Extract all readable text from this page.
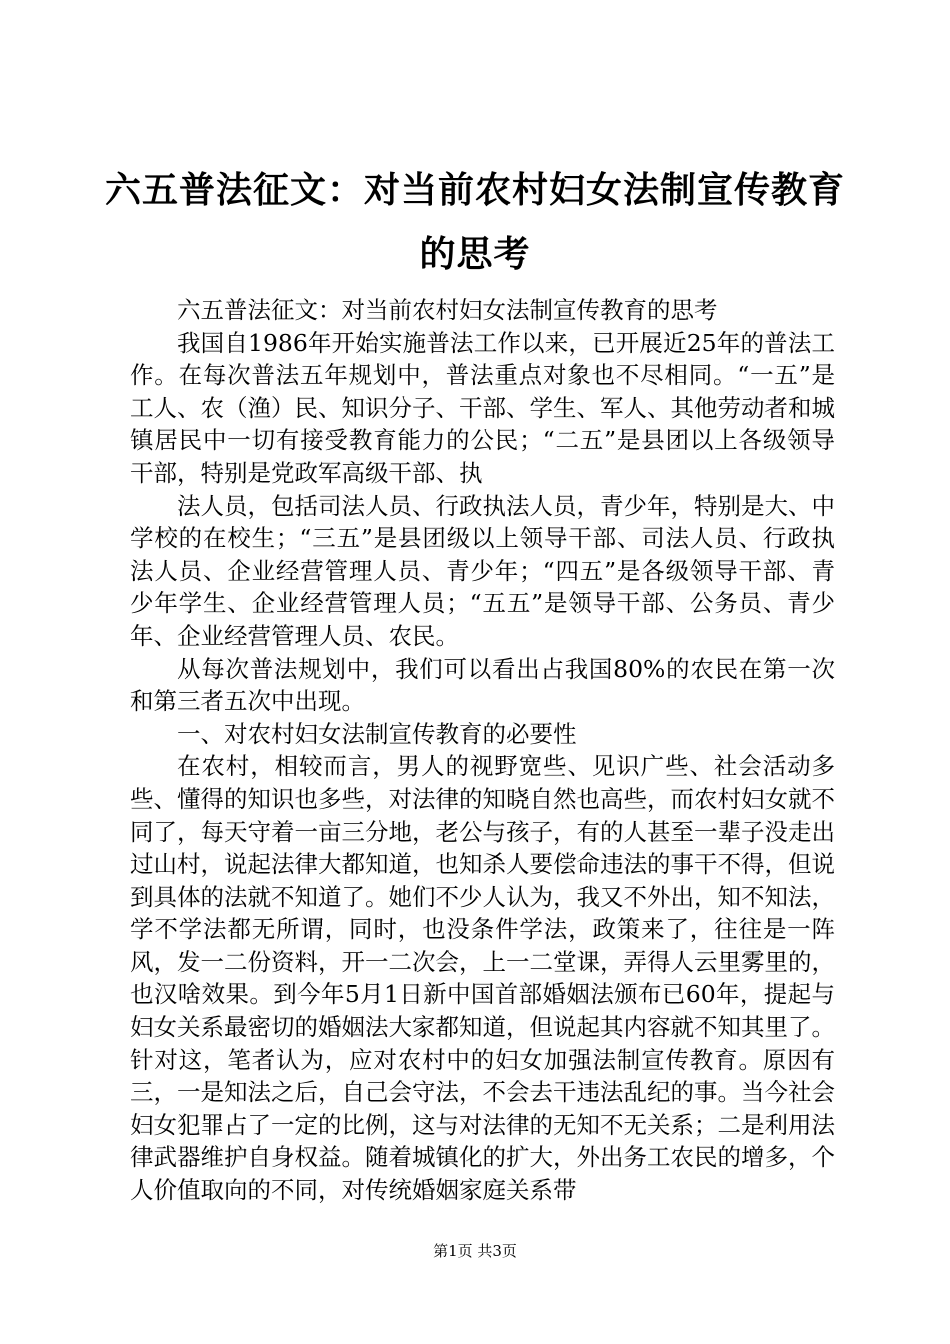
六五普法征文：对当前农村妇女法制宣传教育的思考

六五普法征文：对当前农村妇女法制宣传教育的思考

我国自1986年开始实施普法工作以来，已开展近25年的普法工作。在每次普法五年规划中，普法重点对象也不尽相同。“一五”是工人、农（渔）民、知识分子、干部、学生、军人、其他劳动者和城镇居民中一切有接受教育能力的公民；“二五”是县团以上各级领导干部，特别是党政军高级干部、执

法人员，包括司法人员、行政执法人员，青少年，特别是大、中学校的在校生；“三五”是县团级以上领导干部、司法人员、行政执法人员、企业经营管理人员、青少年；“四五”是各级领导干部、青少年学生、企业经营管理人员；“五五”是领导干部、公务员、青少年、企业经营管理人员、农民。

从每次普法规划中，我们可以看出占我国80%的农民在第一次和第三者五次中出现。

一、对农村妇女法制宣传教育的必要性

在农村，相较而言，男人的视野宽些、见识广些、社会活动多些、懂得的知识也多些，对法律的知晓自然也高些，而农村妇女就不同了，每天守着一亩三分地，老公与孩子，有的人甚至一辈子没走出过山村，说起法律大都知道，也知杀人要偿命违法的事干不得，但说到具体的法就不知道了。她们不少人认为，我又不外出，知不知法，学不学法都无所谓，同时，也没条件学法，政策来了，往往是一阵风，发一二份资料，开一二次会，上一二堂课，弄得人云里雾里的，也汉啥效果。到今年5月1日新中国首部婚姻法颁布已60年，提起与妇女关系最密切的婚姻法大家都知道，但说起其内容就不知其里了。针对这，笔者认为，应对农村中的妇女加强法制宣传教育。原因有三，一是知法之后，自己会守法，不会去干违法乱纪的事。当今社会妇女犯罪占了一定的比例，这与对法律的无知不无关系；二是利用法律武器维护自身权益。随着城镇化的扩大，外出务工农民的增多，个人价值取向的不同，对传统婚姻家庭关系带

第1页 共3页
